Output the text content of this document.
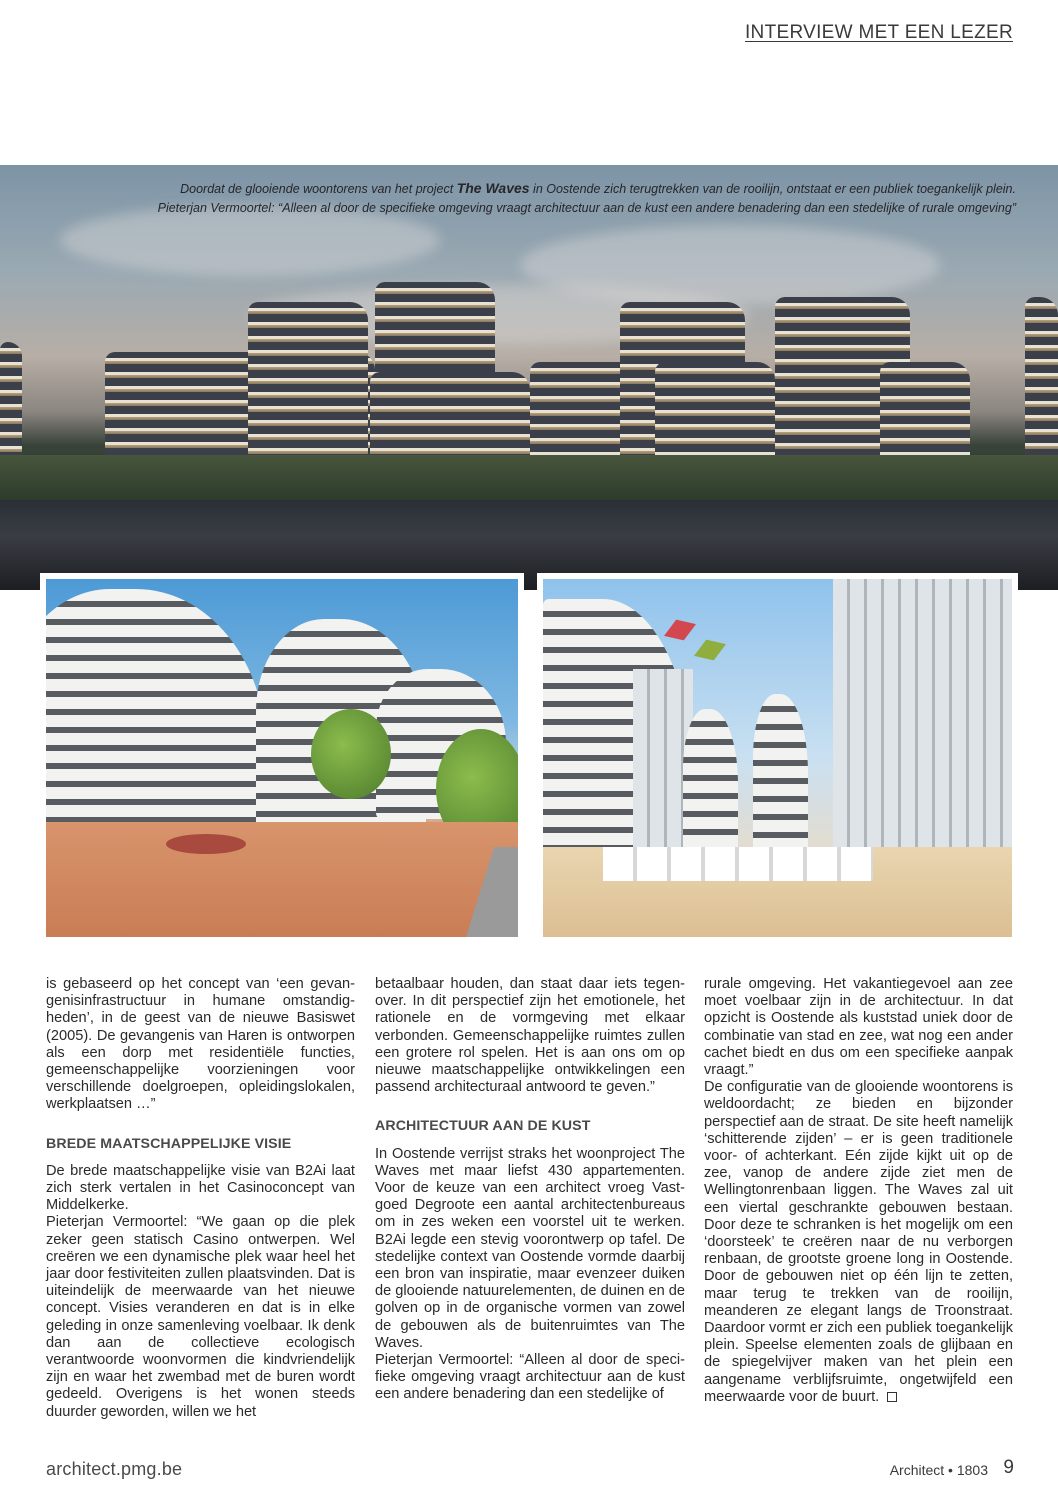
INTERVIEW MET EEN LEZER
Doordat de glooiende woontorens van het project The Waves in Oostende zich terugtrekken van de rooilijn, ontstaat er een publiek toegankelijk plein.
Pieterjan Vermoortel: “Alleen al door de specifieke omgeving vraagt architectuur aan de kust een andere benadering dan een stedelijke of rurale omgeving”

is gebaseerd op het concept van ‘een gevangenisinfrastructuur in humane omstandigheden’, in de geest van de nieuwe Basiswet (2005). De gevangenis van Haren is ontworpen als een dorp met residentiële functies, gemeenschappelijke voorzieningen voor verschillende doelgroepen, opleidingslokalen, werkplaatsen …”

BREDE MAATSCHAPPELIJKE VISIE

De brede maatschappelijke visie van B2Ai laat zich sterk vertalen in het Casinoconcept van Middelkerke.

Pieterjan Vermoortel: “We gaan op die plek zeker geen statisch Casino ontwerpen. Wel creëren we een dynamische plek waar heel het jaar door festiviteiten zullen plaatsvinden. Dat is uiteindelijk de meerwaarde van het nieuwe concept. Visies veranderen en dat is in elke geleding in onze samenleving voelbaar. Ik denk dan aan de collectieve ecologisch verantwoorde woonvormen die kindvriendelijk zijn en waar het zwembad met de buren wordt gedeeld. Overigens is het wonen steeds duurder geworden, willen we het

betaalbaar houden, dan staat daar iets tegenover. In dit perspectief zijn het emotionele, het rationele en de vormgeving met elkaar verbonden. Gemeenschappelijke ruimtes zullen een grotere rol spelen. Het is aan ons om op nieuwe maatschappelijke ontwikkelingen een passend architecturaal antwoord te geven.”

ARCHITECTUUR AAN DE KUST

In Oostende verrijst straks het woonproject The Waves met maar liefst 430 appartementen. Voor de keuze van een architect vroeg Vastgoed Degroote een aantal architectenbureaus om in zes weken een voorstel uit te werken. B2Ai legde een stevig voorontwerp op tafel. De stedelijke context van Oostende vormde daarbij een bron van inspiratie, maar evenzeer duiken de glooiende natuurelementen, de duinen en de golven op in de organische vormen van zowel de gebouwen als de buitenruimtes van The Waves.

Pieterjan Vermoortel: “Alleen al door de specifieke omgeving vraagt architectuur aan de kust een andere benadering dan een stedelijke of

rurale omgeving. Het vakantiegevoel aan zee moet voelbaar zijn in de architectuur. In dat opzicht is Oostende als kuststad uniek door de combinatie van stad en zee, wat nog een ander cachet biedt en dus om een specifieke aanpak vraagt.”

De configuratie van de glooiende woontorens is weldoordacht; ze bieden en bijzonder perspectief aan de straat. De site heeft namelijk ‘schitterende zijden’ – er is geen traditionele voor- of achterkant. Eén zijde kijkt uit op de zee, vanop de andere zijde ziet men de Wellingtonrenbaan liggen. The Waves zal uit een viertal geschrankte gebouwen bestaan. Door deze te schranken is het mogelijk om een ‘doorsteek’ te creëren naar de nu verborgen renbaan, de grootste groene long in Oostende. Door de gebouwen niet op één lijn te zetten, maar terug te trekken van de rooilijn, meanderen ze elegant langs de Troonstraat. Daardoor vormt er zich een publiek toegankelijk plein. Speelse elementen zoals de glijbaan en de spiegelvijver maken van het plein een aangename verblijfsruimte, ongetwijfeld een meerwaarde voor de buurt.

architect.pmg.be	Architect • 1803 9
